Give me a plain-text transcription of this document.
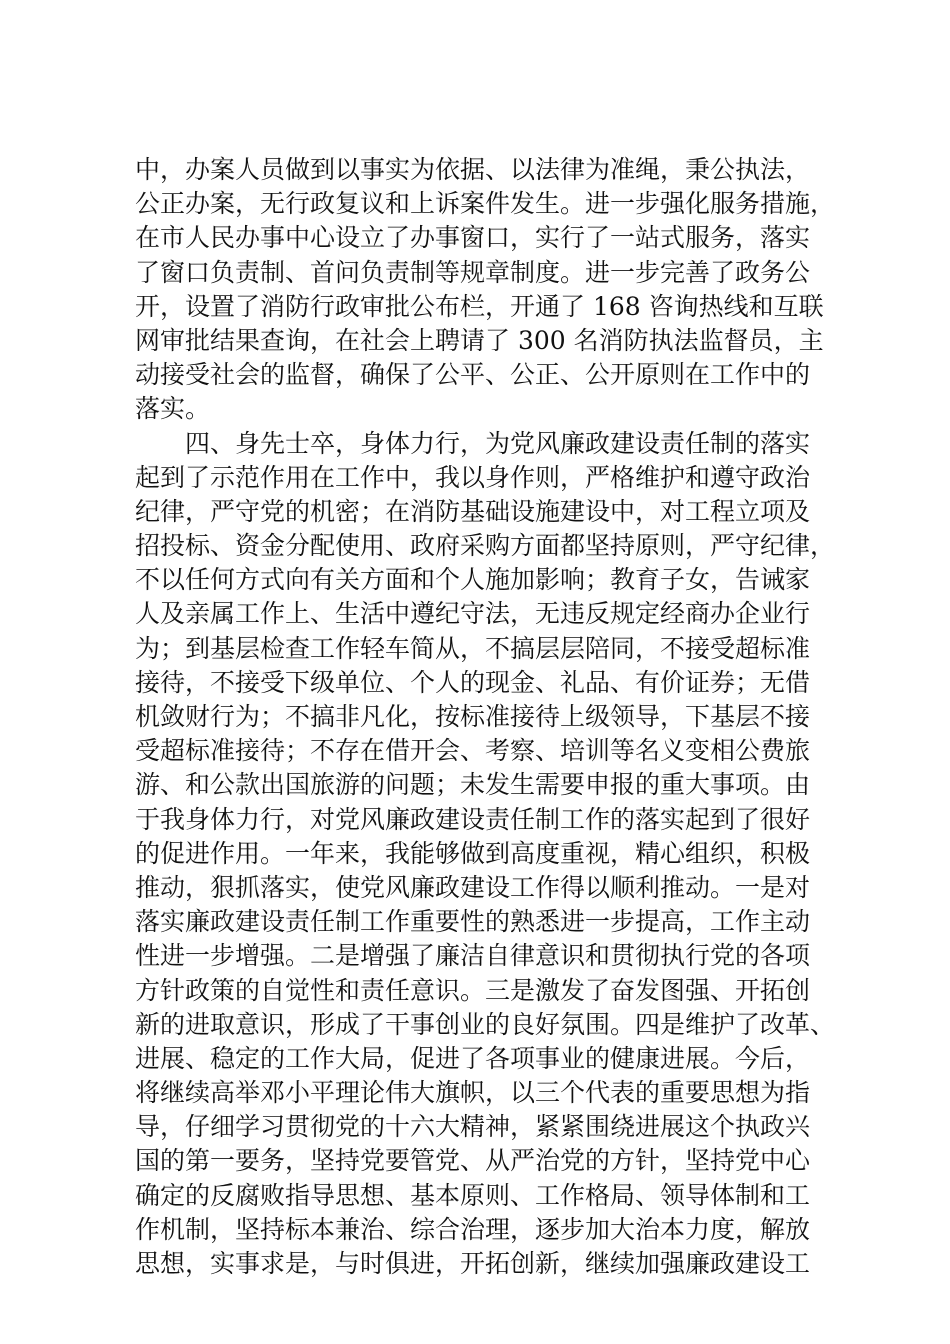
中，办案人员做到以事实为依据、以法律为准绳，秉公执法，
公正办案，无行政复议和上诉案件发生。进一步强化服务措施，
在市人民办事中心设立了办事窗口，实行了一站式服务，落实
了窗口负责制、首问负责制等规章制度。进一步完善了政务公
开，设置了消防行政审批公布栏，开通了 168 咨询热线和互联
网审批结果查询，在社会上聘请了 300 名消防执法监督员，主
动接受社会的监督，确保了公平、公正、公开原则在工作中的
落实。
　　四、身先士卒，身体力行，为党风廉政建设责任制的落实
起到了示范作用在工作中，我以身作则，严格维护和遵守政治
纪律，严守党的机密；在消防基础设施建设中，对工程立项及
招投标、资金分配使用、政府采购方面都坚持原则，严守纪律，
不以任何方式向有关方面和个人施加影响；教育子女，告诫家
人及亲属工作上、生活中遵纪守法，无违反规定经商办企业行
为；到基层检查工作轻车简从，不搞层层陪同，不接受超标准
接待，不接受下级单位、个人的现金、礼品、有价证券；无借
机敛财行为；不搞非凡化，按标准接待上级领导，下基层不接
受超标准接待；不存在借开会、考察、培训等名义变相公费旅
游、和公款出国旅游的问题；未发生需要申报的重大事项。由
于我身体力行，对党风廉政建设责任制工作的落实起到了很好
的促进作用。一年来，我能够做到高度重视，精心组织，积极
推动，狠抓落实，使党风廉政建设工作得以顺利推动。一是对
落实廉政建设责任制工作重要性的熟悉进一步提高，工作主动
性进一步增强。二是增强了廉洁自律意识和贯彻执行党的各项
方针政策的自觉性和责任意识。三是激发了奋发图强、开拓创
新的进取意识，形成了干事创业的良好氛围。四是维护了改革、
进展、稳定的工作大局，促进了各项事业的健康进展。今后，
将继续高举邓小平理论伟大旗帜，以三个代表的重要思想为指
导，仔细学习贯彻党的十六大精神，紧紧围绕进展这个执政兴
国的第一要务，坚持党要管党、从严治党的方针，坚持党中心
确定的反腐败指导思想、基本原则、工作格局、领导体制和工
作机制，坚持标本兼治、综合治理，逐步加大治本力度，解放
思想，实事求是，与时俱进，开拓创新，继续加强廉政建设工
